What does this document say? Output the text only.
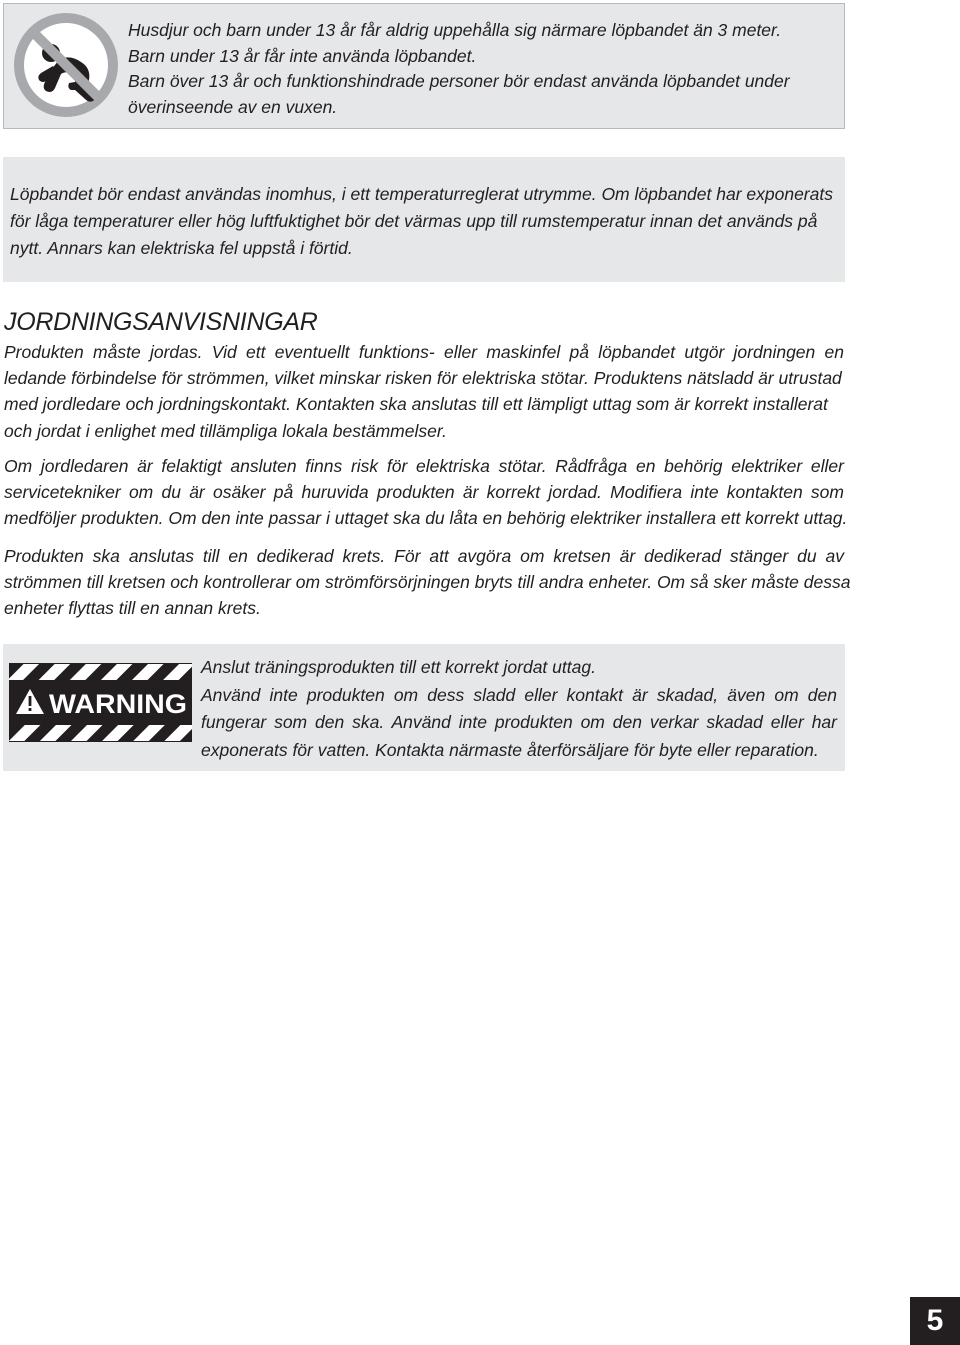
Husdjur och barn under 13 år får aldrig uppehålla sig närmare löpbandet än 3 meter.
Barn under 13 år får inte använda löpbandet.
Barn över 13 år och funktionshindrade personer bör endast använda löpbandet under
överinseende av en vuxen.

Löpbandet bör endast användas inomhus, i ett temperaturreglerat utrymme. Om löpbandet har exponerats
för låga temperaturer eller hög luftfuktighet bör det värmas upp till rumstemperatur innan det används på
nytt. Annars kan elektriska fel uppstå i förtid.

JORDNINGSANVISNINGAR

Produkten måste jordas. Vid ett eventuellt funktions- eller maskinfel på löpbandet utgör jordningen en
ledande förbindelse för strömmen, vilket minskar risken för elektriska stötar. Produktens nätsladd är utrustad
med jordledare och jordningskontakt. Kontakten ska anslutas till ett lämpligt uttag som är korrekt installerat
och jordat i enlighet med tillämpliga lokala bestämmelser.

Om jordledaren är felaktigt ansluten finns risk för elektriska stötar. Rådfråga en behörig elektriker eller
servicetekniker om du är osäker på huruvida produkten är korrekt jordad. Modifiera inte kontakten som
medföljer produkten. Om den inte passar i uttaget ska du låta en behörig elektriker installera ett korrekt uttag.

Produkten ska anslutas till en dedikerad krets. För att avgöra om kretsen är dedikerad stänger du av
strömmen till kretsen och kontrollerar om strömförsörjningen bryts till andra enheter. Om så sker måste dessa
enheter flyttas till en annan krets.

WARNING

Anslut träningsprodukten till ett korrekt jordat uttag.
Använd inte produkten om dess sladd eller kontakt är skadad, även om den
fungerar som den ska. Använd inte produkten om den verkar skadad eller har
exponerats för vatten. Kontakta närmaste återförsäljare för byte eller reparation.

5
